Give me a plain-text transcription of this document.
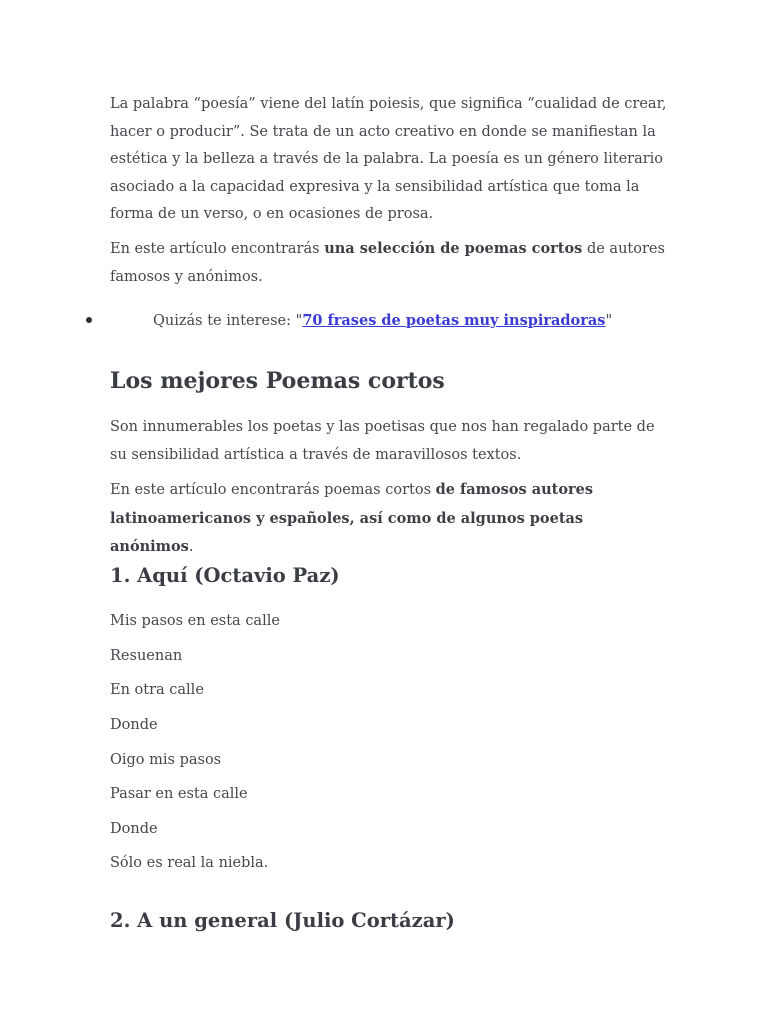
La palabra “poesía” viene del latín poiesis, que significa “cualidad de crear, hacer o producir”. Se trata de un acto creativo en donde se manifiestan la estética y la belleza a través de la palabra. La poesía es un género literario asociado a la capacidad expresiva y la sensibilidad artística que toma la forma de un verso, o en ocasiones de prosa.

En este artículo encontrarás una selección de poemas cortos de autores famosos y anónimos.

Quizás te interese: "70 frases de poetas muy inspiradoras"
Los mejores Poemas cortos

Son innumerables los poetas y las poetisas que nos han regalado parte de su sensibilidad artística a través de maravillosos textos.

En este artículo encontrarás poemas cortos de famosos autores latinoamericanos y españoles, así como de algunos poetas anónimos.

1. Aquí (Octavio Paz)

Mis pasos en esta calle

Resuenan

En otra calle

Donde

Oigo mis pasos

Pasar en esta calle

Donde

Sólo es real la niebla.

2. A un general (Julio Cortázar)
